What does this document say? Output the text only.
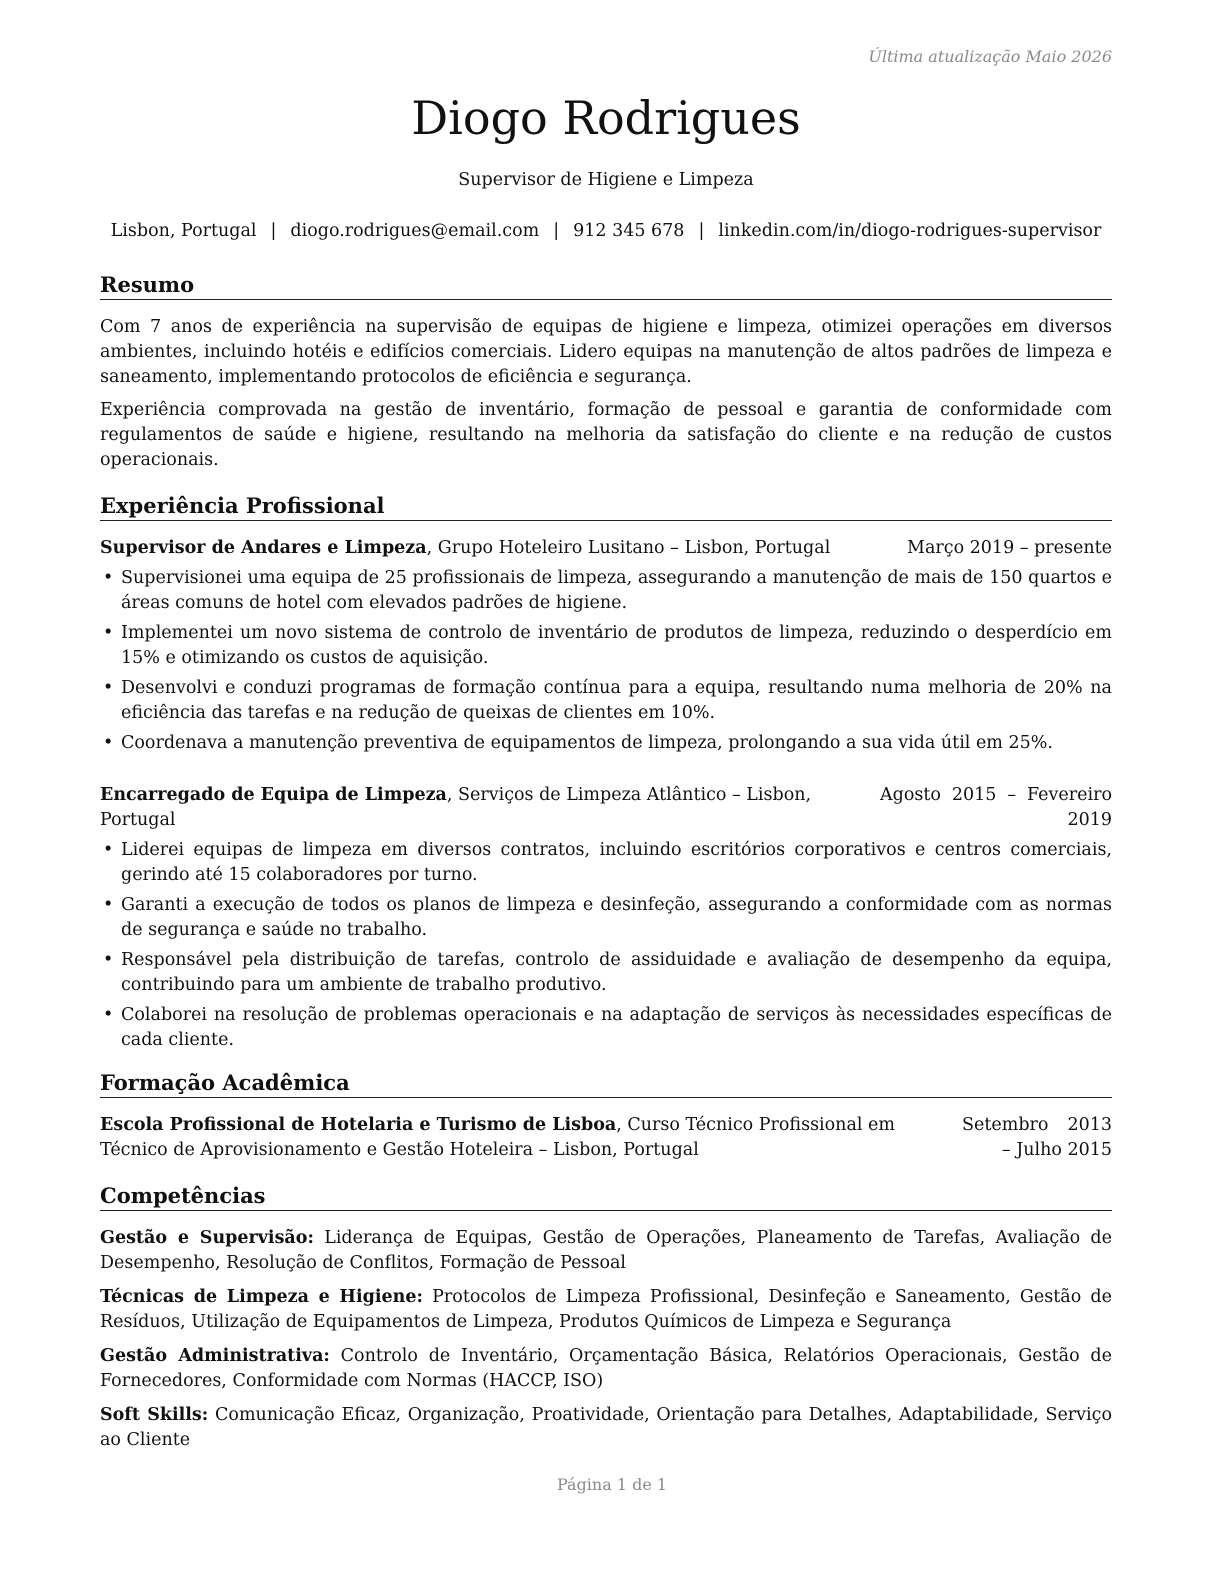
Última atualização Maio 2026
Diogo Rodrigues
Supervisor de Higiene e Limpeza
Lisbon, Portugal | diogo.rodrigues@email.com | 912 345 678 | linkedin.com/in/diogo-rodrigues-supervisor
Resumo

Com 7 anos de experiência na supervisão de equipas de higiene e limpeza, otimizei operações em diversos ambientes, incluindo hotéis e edifícios comerciais. Lidero equipas na manutenção de altos padrões de limpeza e saneamento, implementando protocolos de eficiência e segurança.

Experiência comprovada na gestão de inventário, formação de pessoal e garantia de conformidade com regulamentos de saúde e higiene, resultando na melhoria da satisfação do cliente e na redução de custos operacionais.

Experiência Profissional
Supervisor de Andares e Limpeza, Grupo Hoteleiro Lusitano – Lisbon, Portugal	Março 2019 – presente
• Supervisionei uma equipa de 25 profissionais de limpeza, assegurando a manutenção de mais de 150 quartos e áreas comuns de hotel com elevados padrões de higiene.
• Implementei um novo sistema de controlo de inventário de produtos de limpeza, reduzindo o desperdício em 15% e otimizando os custos de aquisição.
• Desenvolvi e conduzi programas de formação contínua para a equipa, resultando numa melhoria de 20% na eficiência das tarefas e na redução de queixas de clientes em 10%.
• Coordenava a manutenção preventiva de equipamentos de limpeza, prolongando a sua vida útil em 25%.
Encarregado de Equipa de Limpeza, Serviços de Limpeza Atlântico – Lisbon, Portugal
Agosto 2015 – Fevereiro 2019
• Liderei equipas de limpeza em diversos contratos, incluindo escritórios corporativos e centros comerciais, gerindo até 15 colaboradores por turno.
• Garanti a execução de todos os planos de limpeza e desinfeção, assegurando a conformidade com as normas de segurança e saúde no trabalho.
• Responsável pela distribuição de tarefas, controlo de assiduidade e avaliação de desempenho da equipa, contribuindo para um ambiente de trabalho produtivo.
• Colaborei na resolução de problemas operacionais e na adaptação de serviços às necessidades específicas de cada cliente.
Formação Acadêmica
Escola Profissional de Hotelaria e Turismo de Lisboa, Curso Técnico Profissional em Técnico de Aprovisionamento e Gestão Hoteleira – Lisbon, Portugal
Setembro 2013 – Julho 2015
Competências

Gestão e Supervisão: Liderança de Equipas, Gestão de Operações, Planeamento de Tarefas, Avaliação de Desempenho, Resolução de Conflitos, Formação de Pessoal

Técnicas de Limpeza e Higiene: Protocolos de Limpeza Profissional, Desinfeção e Saneamento, Gestão de Resíduos, Utilização de Equipamentos de Limpeza, Produtos Químicos de Limpeza e Segurança

Gestão Administrativa: Controlo de Inventário, Orçamentação Básica, Relatórios Operacionais, Gestão de Fornecedores, Conformidade com Normas (HACCP, ISO)

Soft Skills: Comunicação Eficaz, Organização, Proatividade, Orientação para Detalhes, Adaptabilidade, Serviço ao Cliente

Página 1 de 1
